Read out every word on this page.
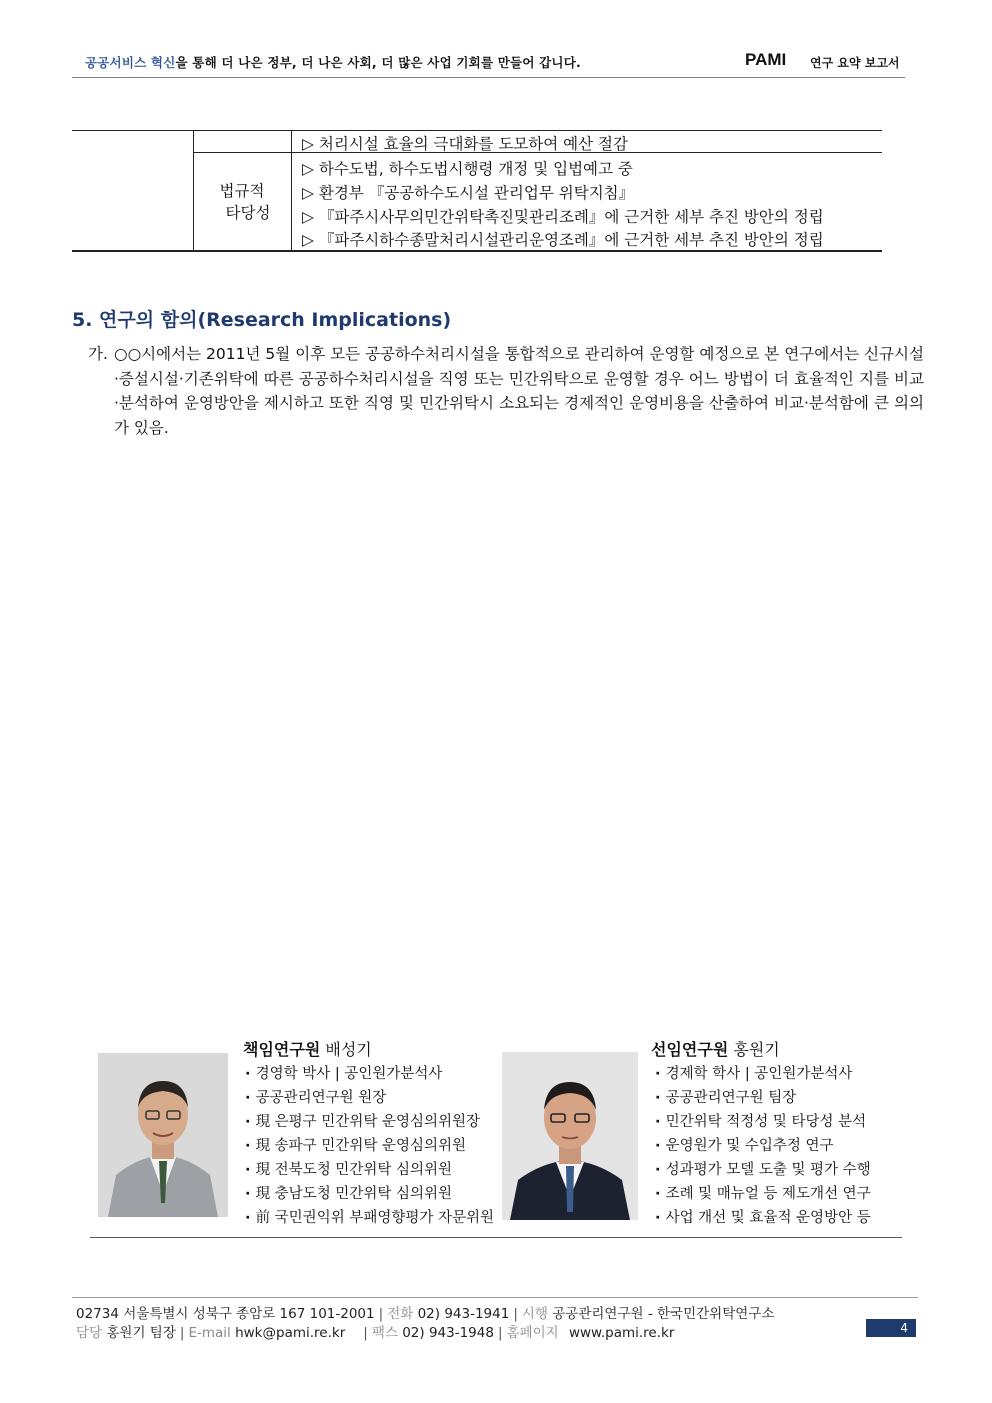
공공서비스 혁신을 통해 더 나은 정부, 더 나은 사회, 더 많은 사업 기회를 만들어 갑니다.	PAMI 연구 요약 보고서
▷ 처리시설 효율의 극대화를 도모하여 예산 절감
법규적
타당성
▷ 하수도법, 하수도법시행령 개정 및 입법예고 중
▷ 환경부 『공공하수도시설 관리업무 위탁지침』
▷ 『파주시사무의민간위탁촉진및관리조례』에 근거한 세부 추진 방안의 정립
▷ 『파주시하수종말처리시설관리운영조례』에 근거한 세부 추진 방안의 정립
5. 연구의 함의(Research Implications)
가. ○○시에서는 2011년 5월 이후 모든 공공하수처리시설을 통합적으로 관리하여 운영할 예정으로 본 연구에서는 신규시설·증설시설·기존위탁에 따른 공공하수처리시설을 직영 또는 민간위탁으로 운영할 경우 어느 방법이 더 효율적인 지를 비교·분석하여 운영방안을 제시하고 또한 직영 및 민간위탁시 소요되는 경제적인 운영비용을 산출하여 비교·분석함에 큰 의의가 있음.
책임연구원 배성기
· 경영학 박사 | 공인원가분석사
· 공공관리연구원 원장
· 現 은평구 민간위탁 운영심의위원장
· 現 송파구 민간위탁 운영심의위원
· 現 전북도청 민간위탁 심의위원
· 現 충남도청 민간위탁 심의위원
· 前 국민권익위 부패영향평가 자문위원
선임연구원 홍원기
· 경제학 학사 | 공인원가분석사
· 공공관리연구원 팀장
· 민간위탁 적정성 및 타당성 분석
· 운영원가 및 수입추정 연구
· 성과평가 모델 도출 및 평가 수행
· 조례 및 매뉴얼 등 제도개선 연구
· 사업 개선 및 효율적 운영방안 등
02734 서울특별시 성북구 종암로 167 101-2001 | 전화 02) 943-1941 | 시행 공공관리연구원 - 한국민간위탁연구소
담당 홍원기 팀장 | E-mail hwk@pami.re.kr | 팩스 02) 943-1948 | 홈페이지 www.pami.re.kr	4
